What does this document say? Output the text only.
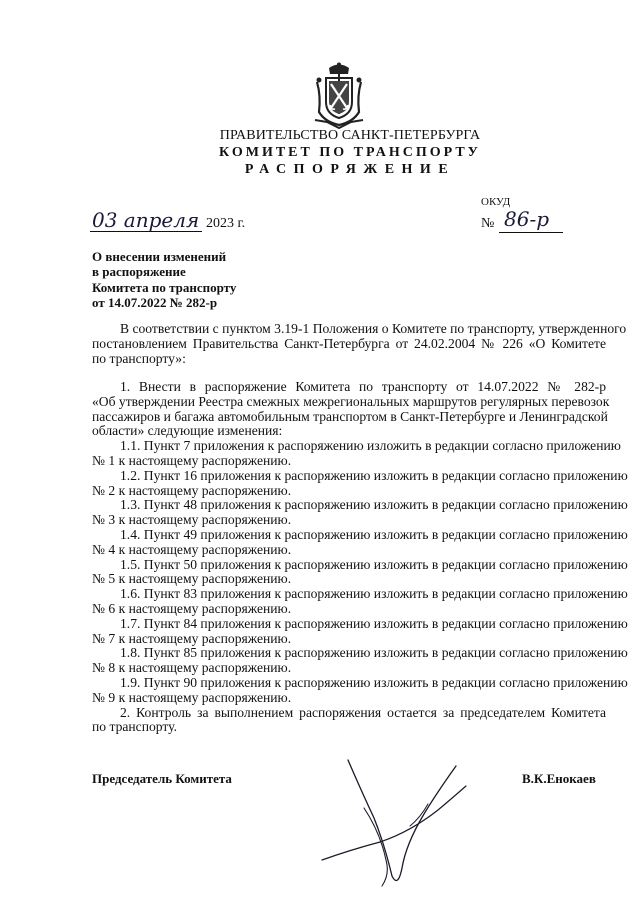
ПРАВИТЕЛЬСТВО САНКТ-ПЕТЕРБУРГА
КОМИТЕТ ПО ТРАНСПОРТУ
РАСПОРЯЖЕНИЕ
ОКУД
03 апреля 2023 г.	№ 86-р
О внесении изменений
в распоряжение
Комитета по транспорту
от 14.07.2022 № 282-р
В соответствии с пунктом 3.19-1 Положения о Комитете по транспорту, утвержденного
постановлением Правительства Санкт-Петербурга от 24.02.2004 № 226 «О Комитете
по транспорту»:
1. Внести в распоряжение Комитета по транспорту от 14.07.2022 № 282-р
«Об утверждении Реестра смежных межрегиональных маршрутов регулярных перевозок
пассажиров и багажа автомобильным транспортом в Санкт-Петербурге и Ленинградской
области» следующие изменения:
1.1. Пункт 7 приложения к распоряжению изложить в редакции согласно приложению
№ 1 к настоящему распоряжению.
1.2. Пункт 16 приложения к распоряжению изложить в редакции согласно приложению
№ 2 к настоящему распоряжению.
1.3. Пункт 48 приложения к распоряжению изложить в редакции согласно приложению
№ 3 к настоящему распоряжению.
1.4. Пункт 49 приложения к распоряжению изложить в редакции согласно приложению
№ 4 к настоящему распоряжению.
1.5. Пункт 50 приложения к распоряжению изложить в редакции согласно приложению
№ 5 к настоящему распоряжению.
1.6. Пункт 83 приложения к распоряжению изложить в редакции согласно приложению
№ 6 к настоящему распоряжению.
1.7. Пункт 84 приложения к распоряжению изложить в редакции согласно приложению
№ 7 к настоящему распоряжению.
1.8. Пункт 85 приложения к распоряжению изложить в редакции согласно приложению
№ 8 к настоящему распоряжению.
1.9. Пункт 90 приложения к распоряжению изложить в редакции согласно приложению
№ 9 к настоящему распоряжению.
2. Контроль за выполнением распоряжения остается за председателем Комитета
по транспорту.
Председатель Комитета	В.К.Енокаев
